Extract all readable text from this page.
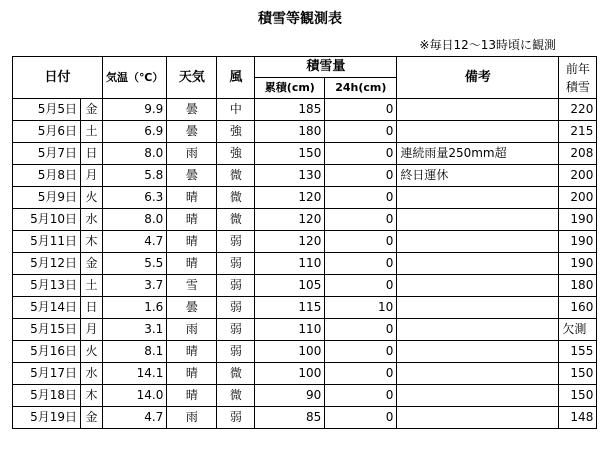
積雪等観測表
※毎日12～13時頃に観測
日付		気温（℃）	天気	風	積雪量		備考	前年
積雪

					累積(cm)	24h(cm)		
5月5日	金	9.9	曇	中	185	0		220
5月6日	土	6.9	曇	強	180	0		215
5月7日	日	8.0	雨	強	150	0	連続雨量250mm超	208
5月8日	月	5.8	曇	微	130	0	終日運休	200
5月9日	火	6.3	晴	微	120	0		200
5月10日	水	8.0	晴	微	120	0		190
5月11日	木	4.7	晴	弱	120	0		190
5月12日	金	5.5	晴	弱	110	0		190
5月13日	土	3.7	雪	弱	105	0		180
5月14日	日	1.6	曇	弱	115	10		160
5月15日	月	3.1	雨	弱	110	0		欠測
5月16日	火	8.1	晴	弱	100	0		155
5月17日	水	14.1	晴	微	100	0		150
5月18日	木	14.0	晴	微	90	0		150
5月19日	金	4.7	雨	弱	85	0		148
